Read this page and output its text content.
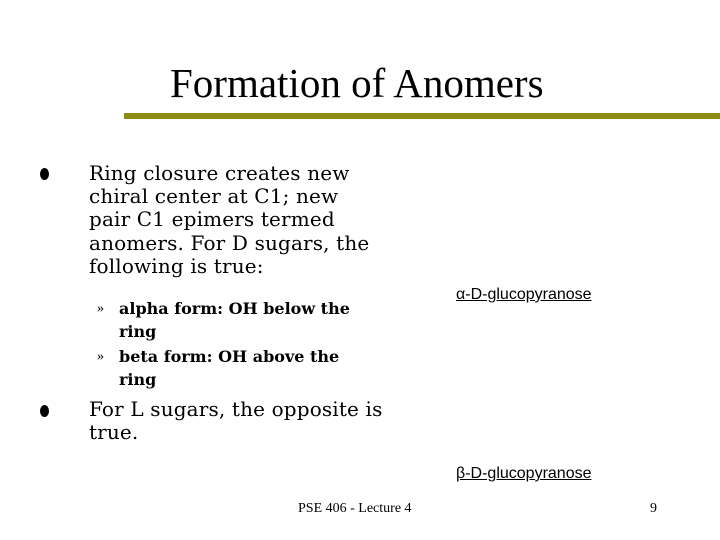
Formation of Anomers
Ring closure creates new chiral center at C1; new pair C1 epimers termed anomers. For D sugars, the following is true:
» alpha form: OH below the ring
» beta form: OH above the ring
For L sugars, the opposite is true.
α-D-glucopyranose
β-D-glucopyranose
PSE 406 - Lecture 4	9
